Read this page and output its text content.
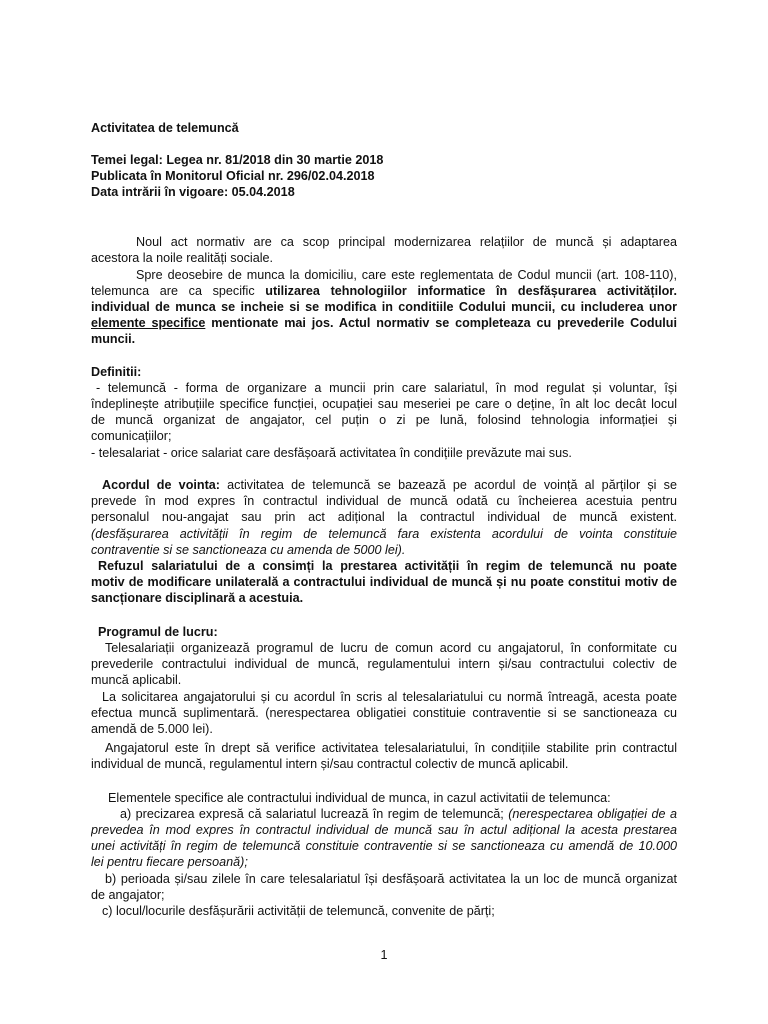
Activitatea de telemuncă
Temei legal: Legea nr. 81/2018 din 30 martie 2018
Publicata în Monitorul Oficial nr. 296/02.04.2018
Data intrării în vigoare: 05.04.2018
Noul act normativ are ca scop principal modernizarea relațiilor de muncă și adaptarea
acestora la noile realități sociale.
Spre deosebire de munca la domiciliu, care este reglementata de Codul muncii (art. 108-110),
telemunca are ca specific utilizarea tehnologiilor informatice în desfășurarea activităților.
individual de munca se incheie si se modifica in conditiile Codului muncii, cu includerea unor
elemente specifice mentionate mai jos. Actul normativ se completeaza cu prevederile Codului
muncii.
Definitii:
- telemuncă - forma de organizare a muncii prin care salariatul, în mod regulat și voluntar, își
îndeplinește atribuțiile specifice funcției, ocupației sau meseriei pe care o deține, în alt loc decât locul
de muncă organizat de angajator, cel puțin o zi pe lună, folosind tehnologia informației și
comunicațiilor;
- telesalariat - orice salariat care desfășoară activitatea în condițiile prevăzute mai sus.
Acordul de vointa: activitatea de telemuncă se bazează pe acordul de voință al părților și se
prevede în mod expres în contractul individual de muncă odată cu încheierea acestuia pentru
personalul nou-angajat sau prin act adițional la contractul individual de muncă existent.
(desfășurarea activității în regim de telemuncă fara existenta acordului de vointa constituie
contraventie si se sanctioneaza cu amenda de 5000 lei).
Refuzul salariatului de a consimți la prestarea activității în regim de telemuncă nu poate
motiv de modificare unilaterală a contractului individual de muncă și nu poate constitui motiv de
sancționare disciplinară a acestuia.
Programul de lucru:
Telesalariații organizează programul de lucru de comun acord cu angajatorul, în conformitate cu
prevederile contractului individual de muncă, regulamentului intern și/sau contractului colectiv de
muncă aplicabil.
La solicitarea angajatorului și cu acordul în scris al telesalariatului cu normă întreagă, acesta poate
efectua muncă suplimentară. (nerespectarea obligatiei constituie contraventie si se sanctioneaza cu
amendă de 5.000 lei).
Angajatorul este în drept să verifice activitatea telesalariatului, în condițiile stabilite prin contractul
individual de muncă, regulamentul intern și/sau contractul colectiv de muncă aplicabil.
Elementele specifice ale contractului individual de munca, in cazul activitatii de telemunca:
a) precizarea expresă că salariatul lucrează în regim de telemuncă; (nerespectarea obligației de a
prevedea în mod expres în contractul individual de muncă sau în actul adițional la acesta prestarea
unei activități în regim de telemuncă constituie contraventie si se sanctioneaza cu amendă de 10.000
lei pentru fiecare persoană);
b) perioada și/sau zilele în care telesalariatul își desfășoară activitatea la un loc de muncă organizat
de angajator;
c) locul/locurile desfășurării activității de telemuncă, convenite de părți;
1
